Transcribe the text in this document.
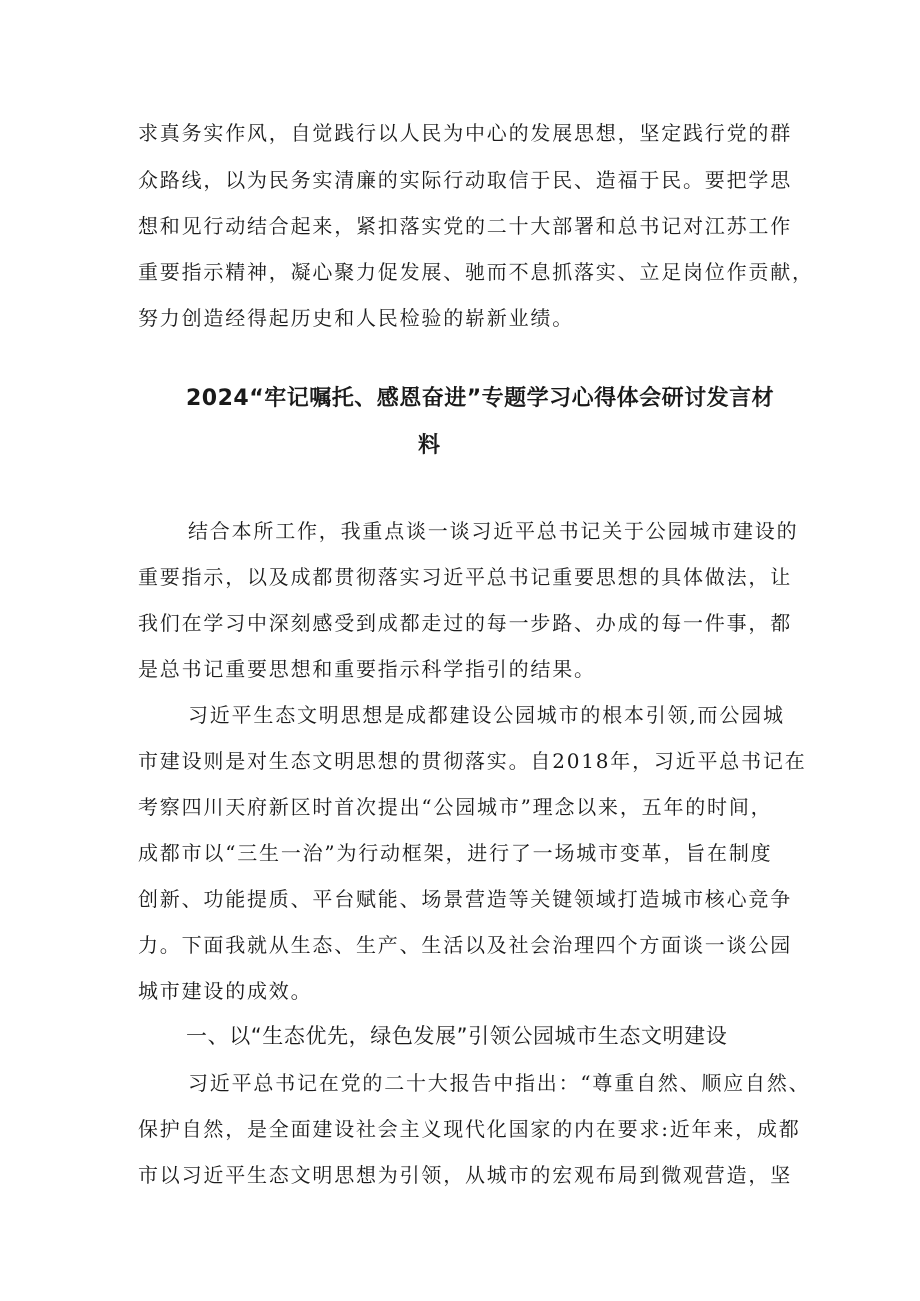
求真务实作风，自觉践行以人民为中心的发展思想，坚定践行党的群
众路线，以为民务实清廉的实际行动取信于民、造福于民。要把学思
想和见行动结合起来，紧扣落实党的二十大部署和总书记对江苏工作
重要指示精神，凝心聚力促发展、驰而不息抓落实、立足岗位作贡献，
努力创造经得起历史和人民检验的崭新业绩。
2024“牢记嘱托、感恩奋进”专题学习心得体会研讨发言材
料
结合本所工作，我重点谈一谈习近平总书记关于公园城市建设的
重要指示，以及成都贯彻落实习近平总书记重要思想的具体做法，让
我们在学习中深刻感受到成都走过的每一步路、办成的每一件事，都
是总书记重要思想和重要指示科学指引的结果。
习近平生态文明思想是成都建设公园城市的根本引领,而公园城
市建设则是对生态文明思想的贯彻落实。自2018年，习近平总书记在
考察四川天府新区时首次提出“公园城市”理念以来，五年的时间，
成都市以“三生一治”为行动框架，进行了一场城市变革，旨在制度
创新、功能提质、平台赋能、场景营造等关键领域打造城市核心竞争
力。下面我就从生态、生产、生活以及社会治理四个方面谈一谈公园
城市建设的成效。
一、以“生态优先，绿色发展”引领公园城市生态文明建设
习近平总书记在党的二十大报告中指出：“尊重自然、顺应自然、
保护自然，是全面建设社会主义现代化国家的内在要求:近年来，成都
市以习近平生态文明思想为引领，从城市的宏观布局到微观营造，坚
